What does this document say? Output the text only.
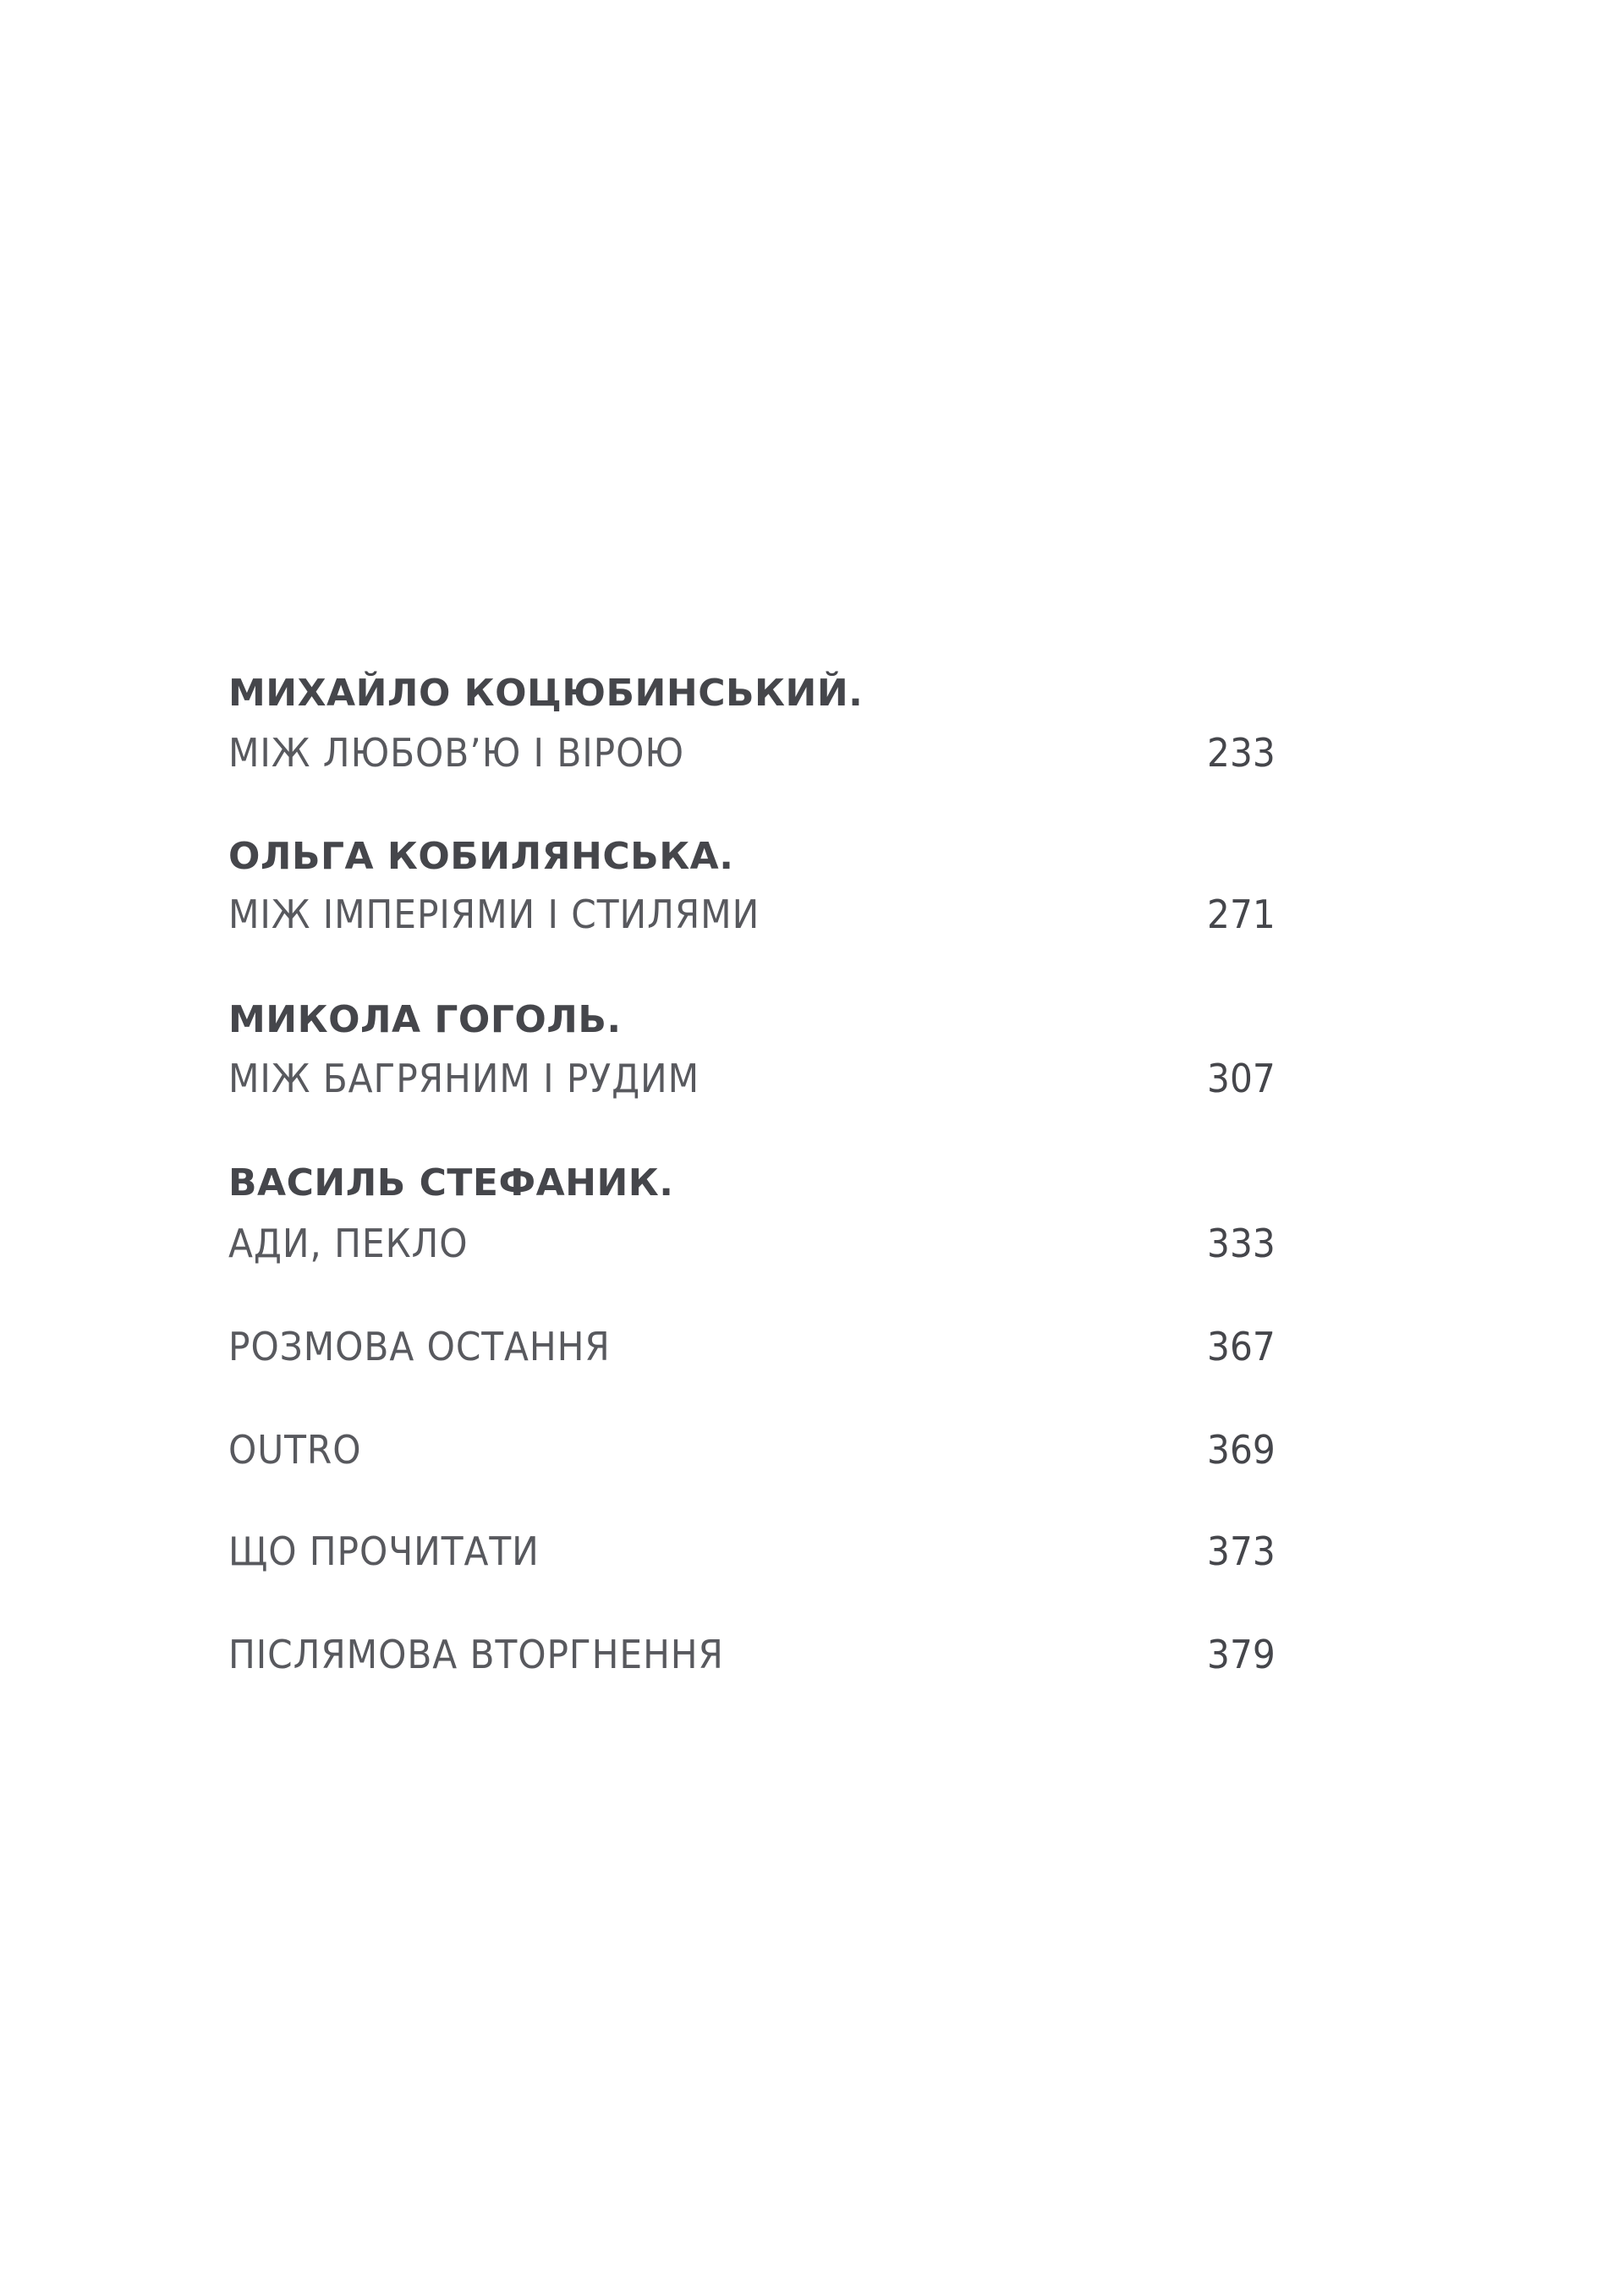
МИХАЙЛО КОЦЮБИНСЬКИЙ.
МІЖ ЛЮБОВ’Ю І ВІРОЮ	233
ОЛЬГА КОБИЛЯНСЬКА.
МІЖ ІМПЕРІЯМИ І СТИЛЯМИ	271
МИКОЛА ГОГОЛЬ.
МІЖ БАГРЯНИМ І РУДИМ	307
ВАСИЛЬ СТЕФАНИК.
АДИ, ПЕКЛО	333
РОЗМОВА ОСТАННЯ	367
OUTRO	369
ЩО ПРОЧИТАТИ	373
ПІСЛЯМОВА ВТОРГНЕННЯ	379
